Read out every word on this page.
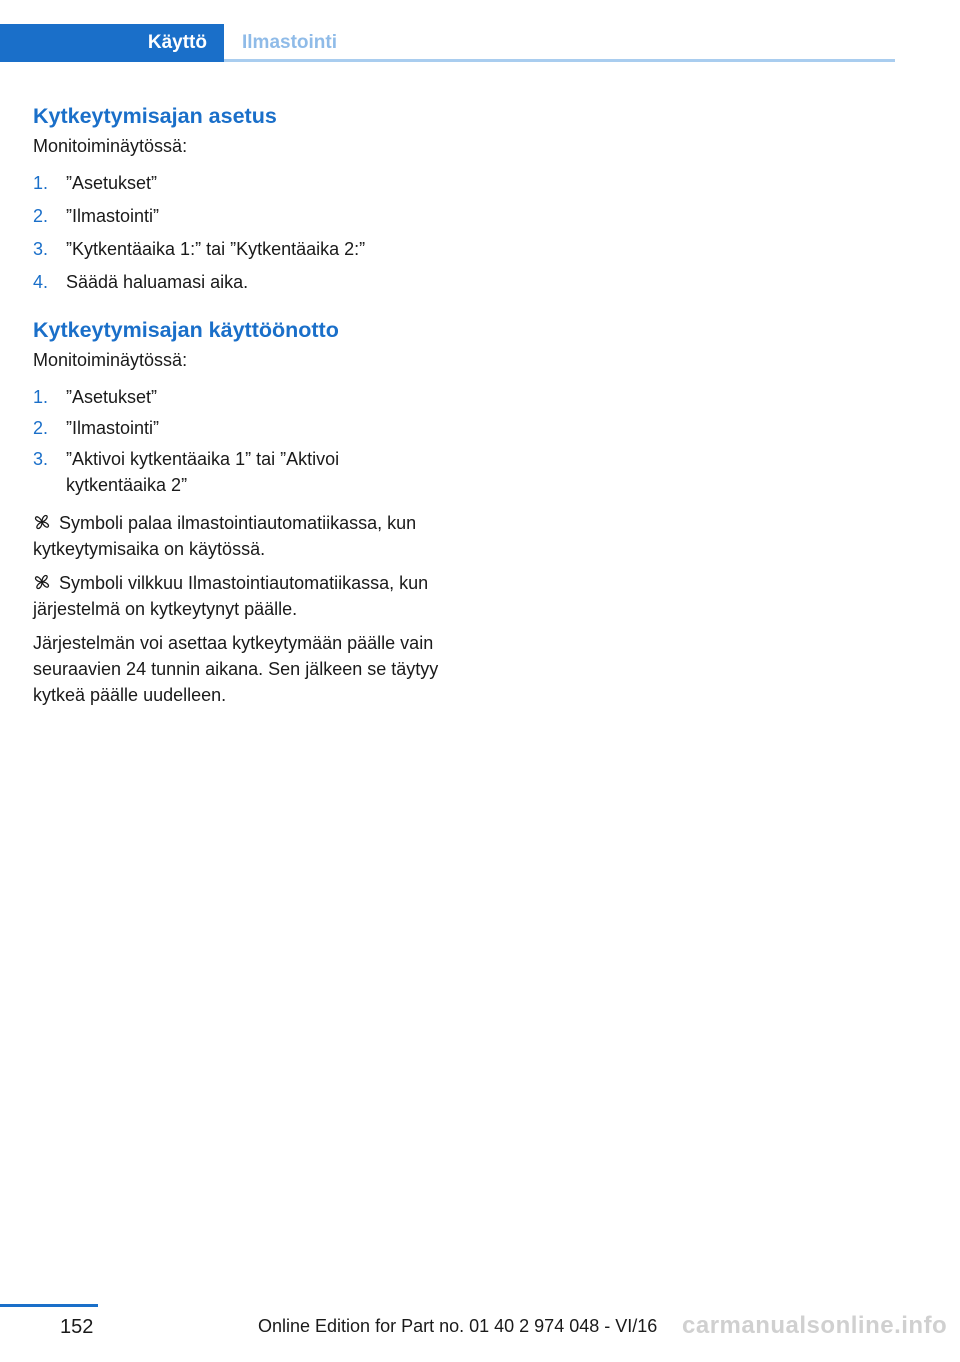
Käyttö Ilmastointi
Kytkeytymisajan asetus

Monitoiminäytössä:

1. ”Asetukset”
2. ”Ilmastointi”
3. ”Kytkentäaika 1:” tai ”Kytkentäaika 2:”
4. Säädä haluamasi aika.
Kytkeytymisajan käyttöönotto

Monitoiminäytössä:

1. ”Asetukset”
2. ”Ilmastointi”
3. ”Aktivoi kytkentäaika 1” tai ”Aktivoi kytkentäaika 2”

Symboli palaa ilmastointiautomatiikassa, kun kytkeytymisaika on käytössä.

Symboli vilkkuu Ilmastointiautomatiikassa, kun järjestelmä on kytkeytynyt päälle.

Järjestelmän voi asettaa kytkeytymään päälle vain seuraavien 24 tunnin aikana. Sen jälkeen se täytyy kytkeä päälle uudelleen.

152	Online Edition for Part no. 01 40 2 974 048 - VI/16 carmanualsonline.info
